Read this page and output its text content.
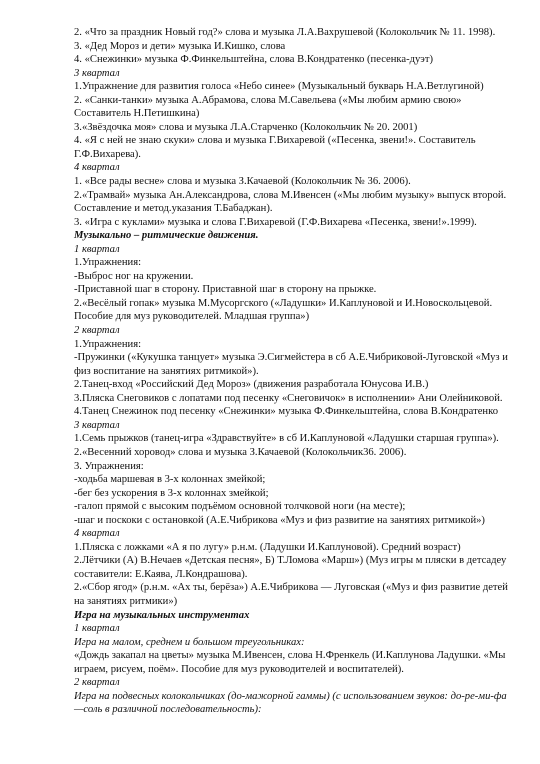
2. «Что за праздник Новый год?» слова и музыка Л.А.Вахрушевой (Колокольчик № 11. 1998).

3. «Дед Мороз и дети» музыка И.Кишко, слова

4. «Снежинки» музыка Ф.Финкельштейна, слова В.Кондратенко (песенка-дуэт)

3 квартал

1.Упражнение для развития голоса «Небо синее» (Музыкальный букварь Н.А.Ветлугиной)

2. «Санки-танки» музыка А.Абрамова, слова М.Савельева («Мы любим армию свою» Составитель Н.Петишкина)

3.«Звёздочка моя» слова и музыка Л.А.Старченко (Колокольчик № 20. 2001)

4. «Я с ней не знаю скуки» слова и музыка Г.Вихаревой («Песенка, звени!». Составитель Г.Ф.Вихарева).

4 квартал

1. «Все рады весне» слова и музыка З.Качаевой (Колокольчик № 36. 2006).

2.«Трамвай» музыка Ан.Александрова, слова М.Ивенсен («Мы любим музыку» выпуск второй. Составление и метод.указания Т.Бабаджан).

3. «Игра с куклами» музыка и слова Г.Вихаревой (Г.Ф.Вихарева «Песенка, звени!».1999).

Музыкально – ритмические движения.

1 квартал

1.Упражнения:

-Выброс ног на кружении.

-Приставной шаг в сторону. Приставной шаг в сторону на прыжке.

2.«Весёлый гопак» музыка М.Мусоргского («Ладушки» И.Каплуновой и И.Новоскольцевой. Пособие для муз руководителей. Младшая группа»)

2 квартал

1.Упражнения:

-Пружинки («Кукушка танцует» музыка Э.Сигмейстера в сб А.Е.Чибриковой-Луговской «Муз и физ воспитание на занятиях ритмикой»).

2.Танец-вход «Российский Дед Мороз» (движения разработала Юнусова И.В.)

3.Пляска Снеговиков с лопатами под песенку «Снеговичок» в исполнении» Ани Олейниковой.

4.Танец Снежинок под песенку «Снежинки» музыка Ф.Финкельштейна, слова В.Кондратенко

3 квартал

1.Семь прыжков (танец-игра «Здравствуйте» в сб И.Каплуновой «Ладушки старшая группа»).

2.«Весенний хоровод» слова и музыка З.Качаевой (Колокольчик36. 2006).

3. Упражнения:

-ходьба маршевая в 3-х колоннах змейкой;

-бег без ускорения в 3-х колоннах змейкой;

-галоп прямой с высоким подъёмом основной толчковой ноги (на месте);

-шаг и поскоки с остановкой (А.Е.Чибрикова «Муз и физ развитие на занятиях ритмикой»)

4 квартал

1.Пляска с ложками «А я по лугу» р.н.м. (Ладушки И.Каплуновой). Средний возраст)

2.Лётчики (А) В.Нечаев «Детская песня», Б) Т.Ломова «Марш») (Муз игры м пляски в детсадеу составители: Е.Каява, Л.Кондрашова).

2.«Сбор ягод» (р.н.м. «Ах ты, берёза») А.Е.Чибрикова — Луговская («Муз и физ развитие детей на занятиях ритмики»)

Игра на музыкальных инструментах

1 квартал

Игра на малом, среднем и большом треугольниках:

«Дождь закапал на цветы» музыка М.Ивенсен, слова Н.Френкель (И.Каплунова Ладушки. «Мы играем, рисуем, поём». Пособие для муз руководителей и воспитателей).

2 квартал

Игра на подвесных колокольчиках (до-мажорной гаммы) (с использованием звуков: до-ре-ми-фа—соль в различной последовательность):
